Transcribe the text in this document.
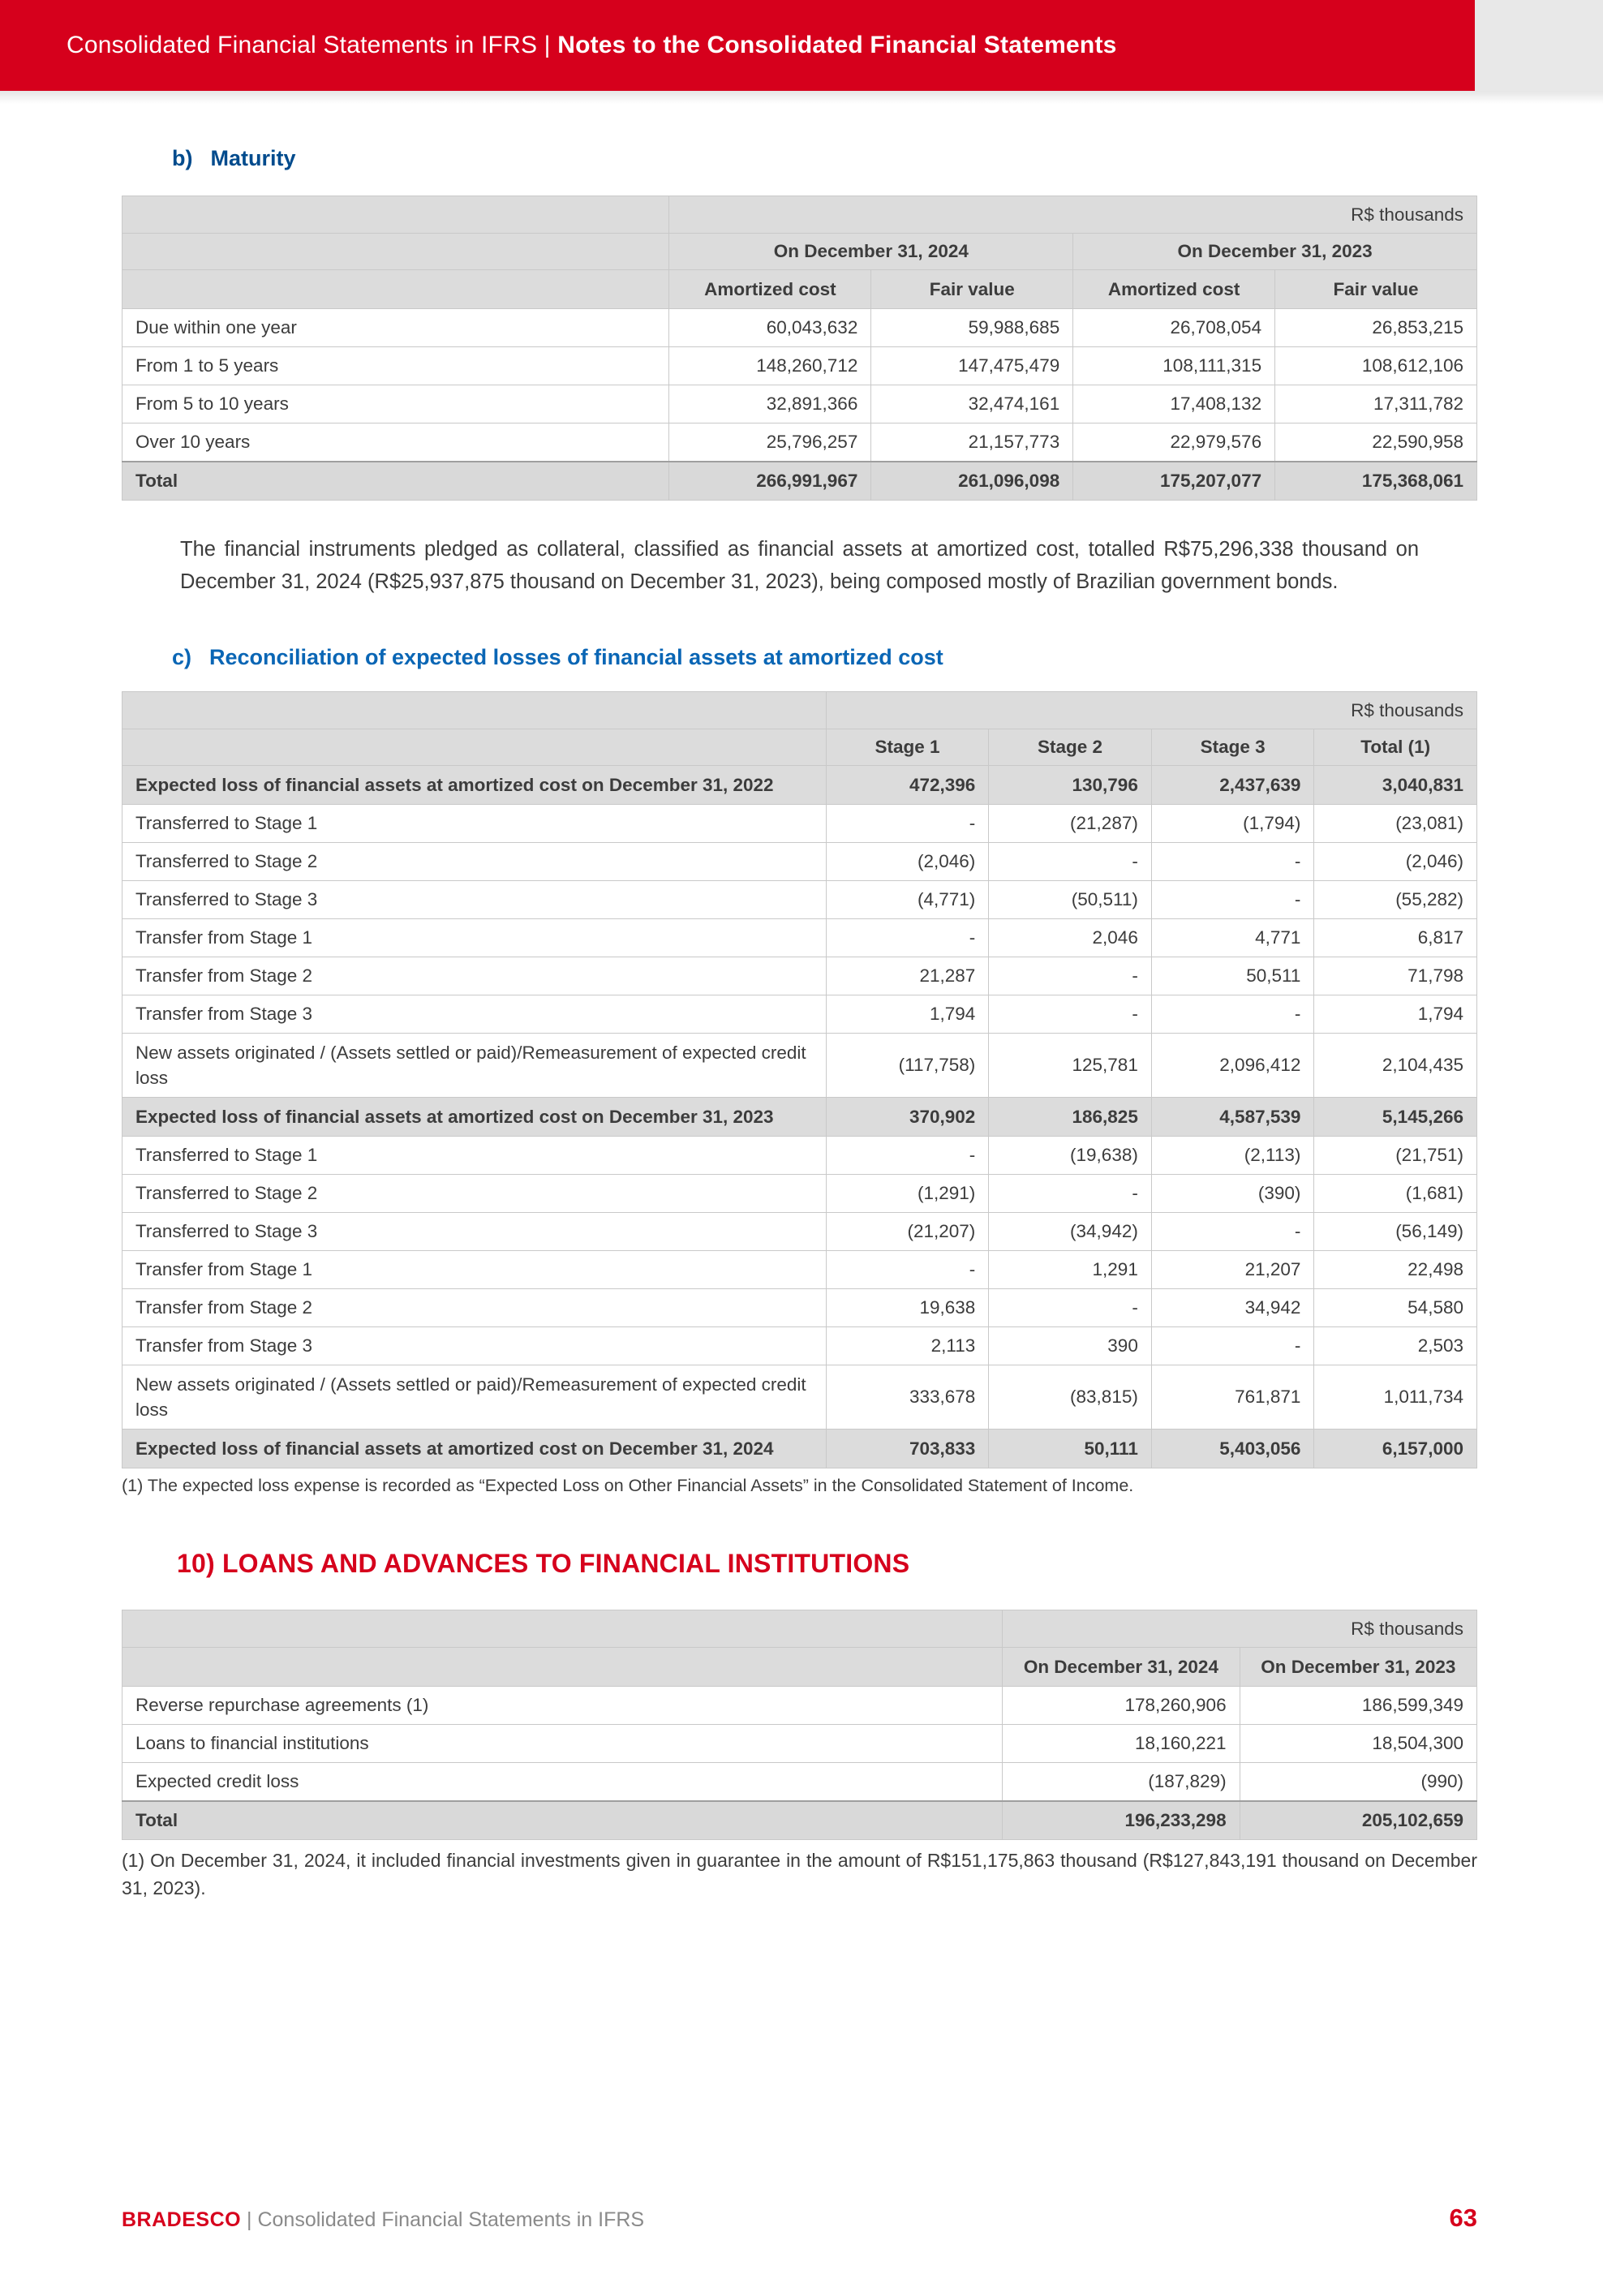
Consolidated Financial Statements in IFRS | Notes to the Consolidated Financial Statements
b) Maturity
	R$ thousands			
	On December 31, 2024		On December 31, 2023	
	Amortized cost	Fair value	Amortized cost	Fair value
Due within one year	60,043,632	59,988,685	26,708,054	26,853,215
From 1 to 5 years	148,260,712	147,475,479	108,111,315	108,612,106
From 5 to 10 years	32,891,366	32,474,161	17,408,132	17,311,782
Over 10 years	25,796,257	21,157,773	22,979,576	22,590,958
Total	266,991,967	261,096,098	175,207,077	175,368,061
The financial instruments pledged as collateral, classified as financial assets at amortized cost, totalled R$75,296,338 thousand on December 31, 2024 (R$25,937,875 thousand on December 31, 2023), being composed mostly of Brazilian government bonds.
c) Reconciliation of expected losses of financial assets at amortized cost
	R$ thousands			
	Stage 1	Stage 2	Stage 3	Total (1)
Expected loss of financial assets at amortized cost on December 31, 2022	472,396	130,796	2,437,639	3,040,831
Transferred to Stage 1	-	(21,287)	(1,794)	(23,081)
Transferred to Stage 2	(2,046)	-	-	(2,046)
Transferred to Stage 3	(4,771)	(50,511)	-	(55,282)
Transfer from Stage 1	-	2,046	4,771	6,817
Transfer from Stage 2	21,287	-	50,511	71,798
Transfer from Stage 3	1,794	-	-	1,794
New assets originated / (Assets settled or paid)/Remeasurement of expected credit loss	(117,758)	125,781	2,096,412	2,104,435
Expected loss of financial assets at amortized cost on December 31, 2023	370,902	186,825	4,587,539	5,145,266
Transferred to Stage 1	-	(19,638)	(2,113)	(21,751)
Transferred to Stage 2	(1,291)	-	(390)	(1,681)
Transferred to Stage 3	(21,207)	(34,942)	-	(56,149)
Transfer from Stage 1	-	1,291	21,207	22,498
Transfer from Stage 2	19,638	-	34,942	54,580
Transfer from Stage 3	2,113	390	-	2,503
New assets originated / (Assets settled or paid)/Remeasurement of expected credit loss	333,678	(83,815)	761,871	1,011,734
Expected loss of financial assets at amortized cost on December 31, 2024	703,833	50,111	5,403,056	6,157,000
(1) The expected loss expense is recorded as “Expected Loss on Other Financial Assets” in the Consolidated Statement of Income.
10) LOANS AND ADVANCES TO FINANCIAL INSTITUTIONS
	R$ thousands	
	On December 31, 2024	On December 31, 2023
Reverse repurchase agreements (1)	178,260,906	186,599,349
Loans to financial institutions	18,160,221	18,504,300
Expected credit loss	(187,829)	(990)
Total	196,233,298	205,102,659
(1) On December 31, 2024, it included financial investments given in guarantee in the amount of R$151,175,863 thousand (R$127,843,191 thousand on December 31, 2023).
BRADESCO | Consolidated Financial Statements in IFRS	63
